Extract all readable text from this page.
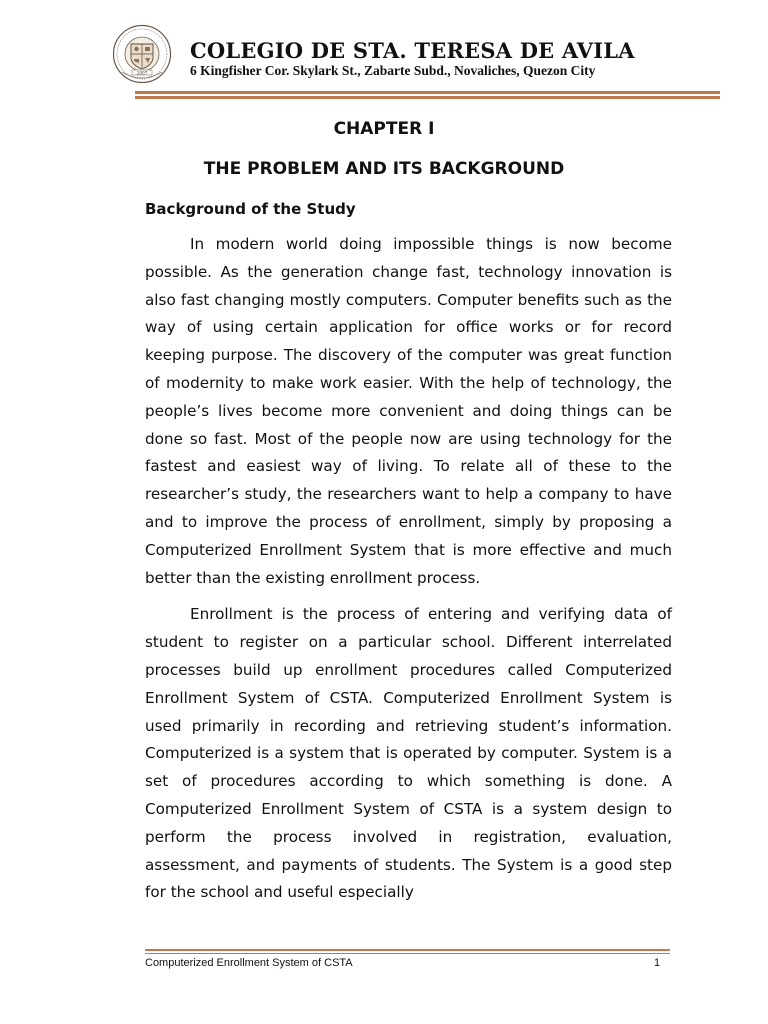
2007
COLEGIO DE STA. TERESA DE AVILA
6 Kingfisher Cor. Skylark St., Zabarte Subd., Novaliches, Quezon City
CHAPTER I
THE PROBLEM AND ITS BACKGROUND
Background of the Study

In modern world doing impossible things is now become possible. As the generation change fast, technology innovation is also fast changing mostly computers. Computer benefits such as the way of using certain application for office works or for record keeping purpose. The discovery of the computer was great function of modernity to make work easier. With the help of technology, the people’s lives become more convenient and doing things can be done so fast. Most of the people now are using technology for the fastest and easiest way of living. To relate all of these to the researcher’s study, the researchers want to help a company to have and to improve the process of enrollment, simply by proposing a Computerized Enrollment System that is more effective and much better than the existing enrollment process.

Enrollment is the process of entering and verifying data of student to register on a particular school. Different interrelated processes build up enrollment procedures called Computerized Enrollment System of CSTA. Computerized Enrollment System is used primarily in recording and retrieving student’s information. Computerized is a system that is operated by computer. System is a set of procedures according to which something is done. A Computerized Enrollment System of CSTA is a system design to perform the process involved in registration, evaluation, assessment, and payments of students. The System is a good step for the school and useful especially

Computerized Enrollment System of CSTA	1
